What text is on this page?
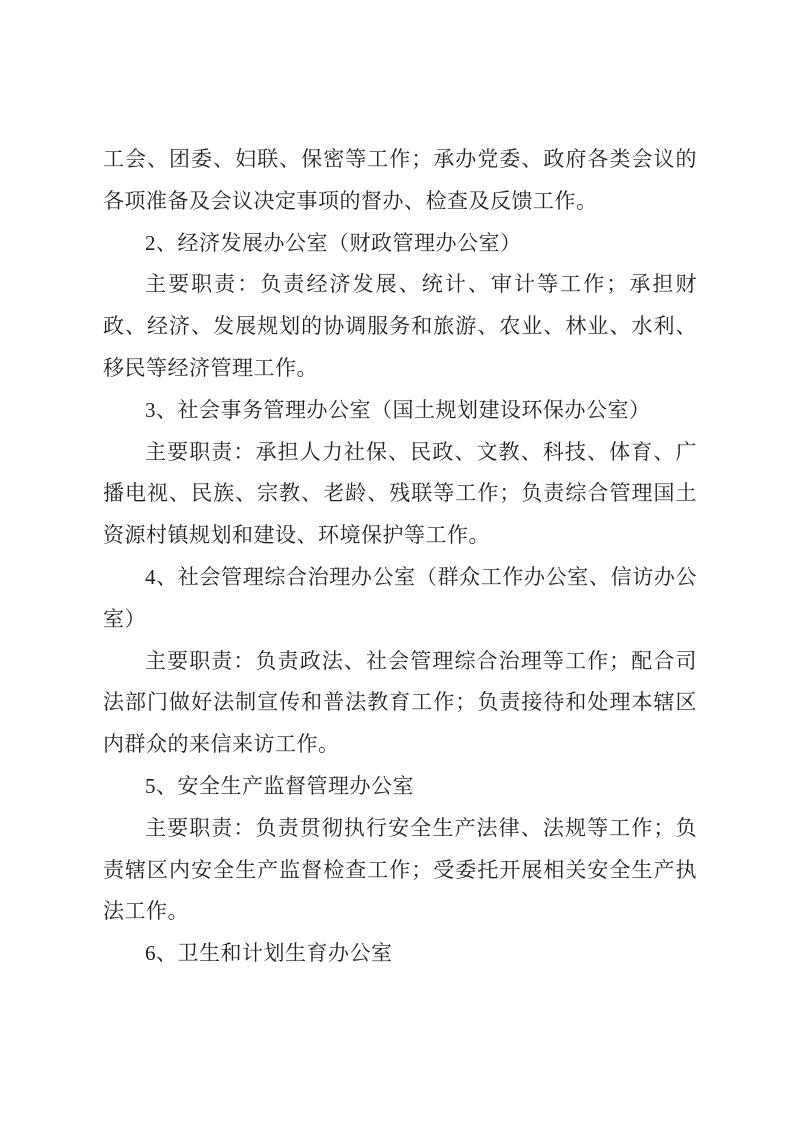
工会、团委、妇联、保密等工作；承办党委、政府各类会议的各项准备及会议决定事项的督办、检查及反馈工作。

2、经济发展办公室（财政管理办公室）

主要职责：负责经济发展、统计、审计等工作；承担财政、经济、发展规划的协调服务和旅游、农业、林业、水利、移民等经济管理工作。

3、社会事务管理办公室（国土规划建设环保办公室）

主要职责：承担人力社保、民政、文教、科技、体育、广播电视、民族、宗教、老龄、残联等工作；负责综合管理国土资源村镇规划和建设、环境保护等工作。

4、社会管理综合治理办公室（群众工作办公室、信访办公室）

主要职责：负责政法、社会管理综合治理等工作；配合司法部门做好法制宣传和普法教育工作；负责接待和处理本辖区内群众的来信来访工作。

5、安全生产监督管理办公室

主要职责：负责贯彻执行安全生产法律、法规等工作；负责辖区内安全生产监督检查工作；受委托开展相关安全生产执法工作。

6、卫生和计划生育办公室
